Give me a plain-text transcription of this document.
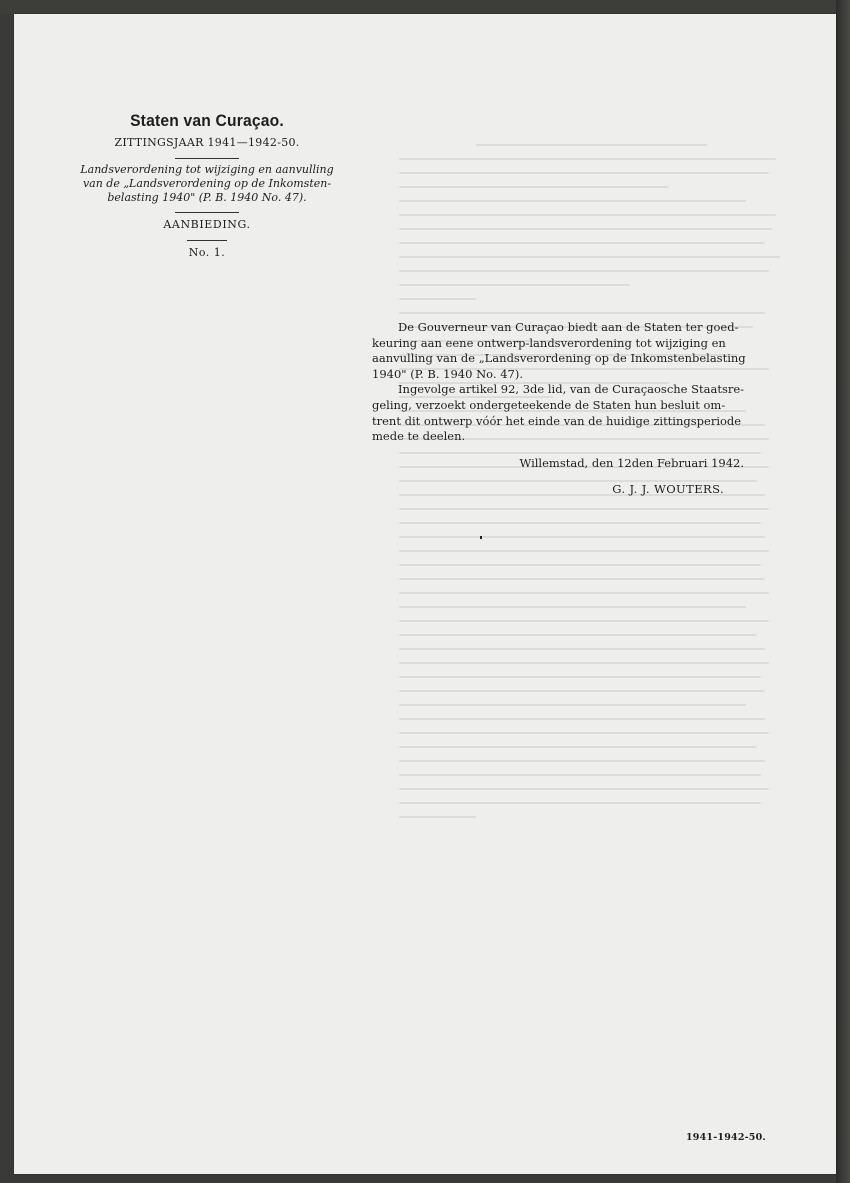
Staten van Curaçao.
ZITTINGSJAAR 1941—1942-50.
Landsverordening tot wijziging en aanvulling
van de „Landsverordening op de Inkomsten-
belasting 1940" (P. B. 1940 No. 47).
AANBIEDING.
No. 1.

De Gouverneur van Curaçao biedt aan de Staten ter goed-
keuring aan eene ontwerp-landsverordening tot wijziging en
aanvulling van de „Landsverordening op de Inkomstenbelasting
1940" (P. B. 1940 No. 47).

Ingevolge artikel 92, 3de lid, van de Curaçaosche Staatsre-
geling, verzoekt ondergeteekende de Staten hun besluit om-
trent dit ontwerp vóór het einde van de huidige zittingsperiode
mede te deelen.

Willemstad, den 12den Februari 1942.
G. J. J. WOUTERS.
1941-1942-50.
